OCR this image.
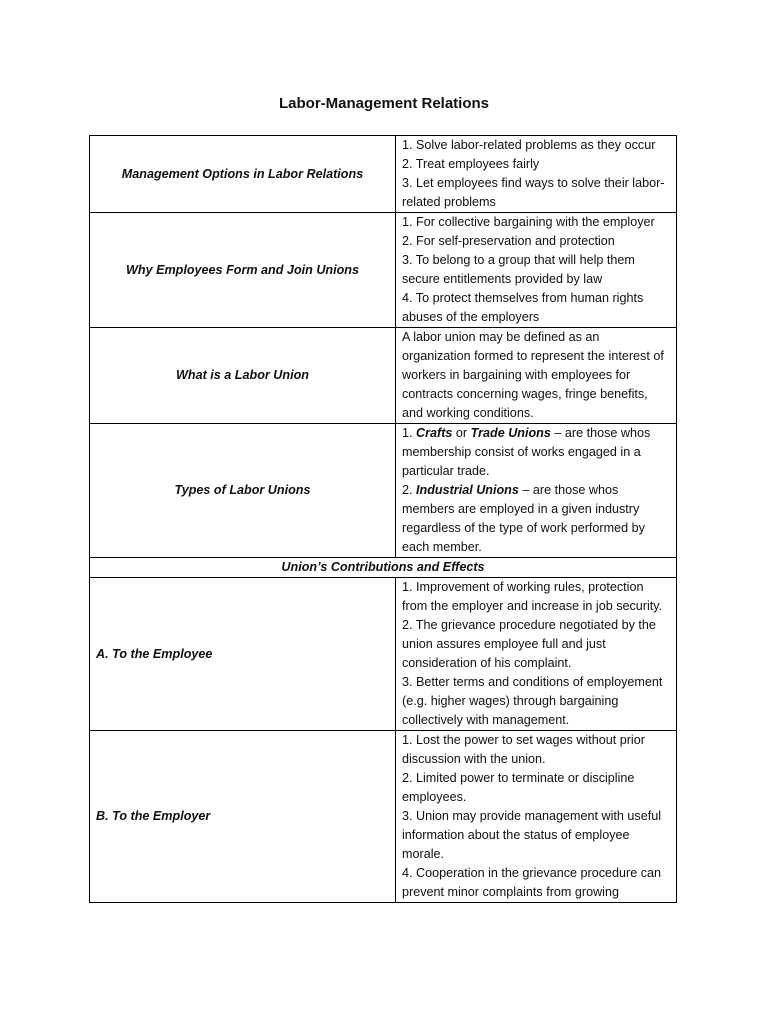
Labor-Management Relations
Management Options in Labor Relations	1. Solve labor-related problems as they occur
2. Treat employees fairly
3. Let employees find ways to solve their labor-related problems

Why Employees Form and Join Unions	1. For collective bargaining with the employer
2. For self-preservation and protection
3. To belong to a group that will help them secure entitlements provided by law
4. To protect themselves from human rights abuses of the employers

What is a Labor Union	A labor union may be defined as an organization formed to represent the interest of workers in bargaining with employees for contracts concerning wages, fringe benefits, and working conditions.

Types of Labor Unions	1. Crafts or Trade Unions – are those whos membership consist of works engaged in a particular trade.
2. Industrial Unions – are those whos members are employed in a given industry regardless of the type of work performed by each member.

Union’s Contributions and Effects	
A. To the Employee	1. Improvement of working rules, protection from the employer and increase in job security.
2. The grievance procedure negotiated by the union assures employee full and just consideration of his complaint.
3. Better terms and conditions of employement (e.g. higher wages) through bargaining collectively with management.

B. To the Employer	1. Lost the power to set wages without prior discussion with the union.
2. Limited power to terminate or discipline employees.
3. Union may provide management with useful information about the status of employee morale.
4. Cooperation in the grievance procedure can prevent minor complaints from growing
